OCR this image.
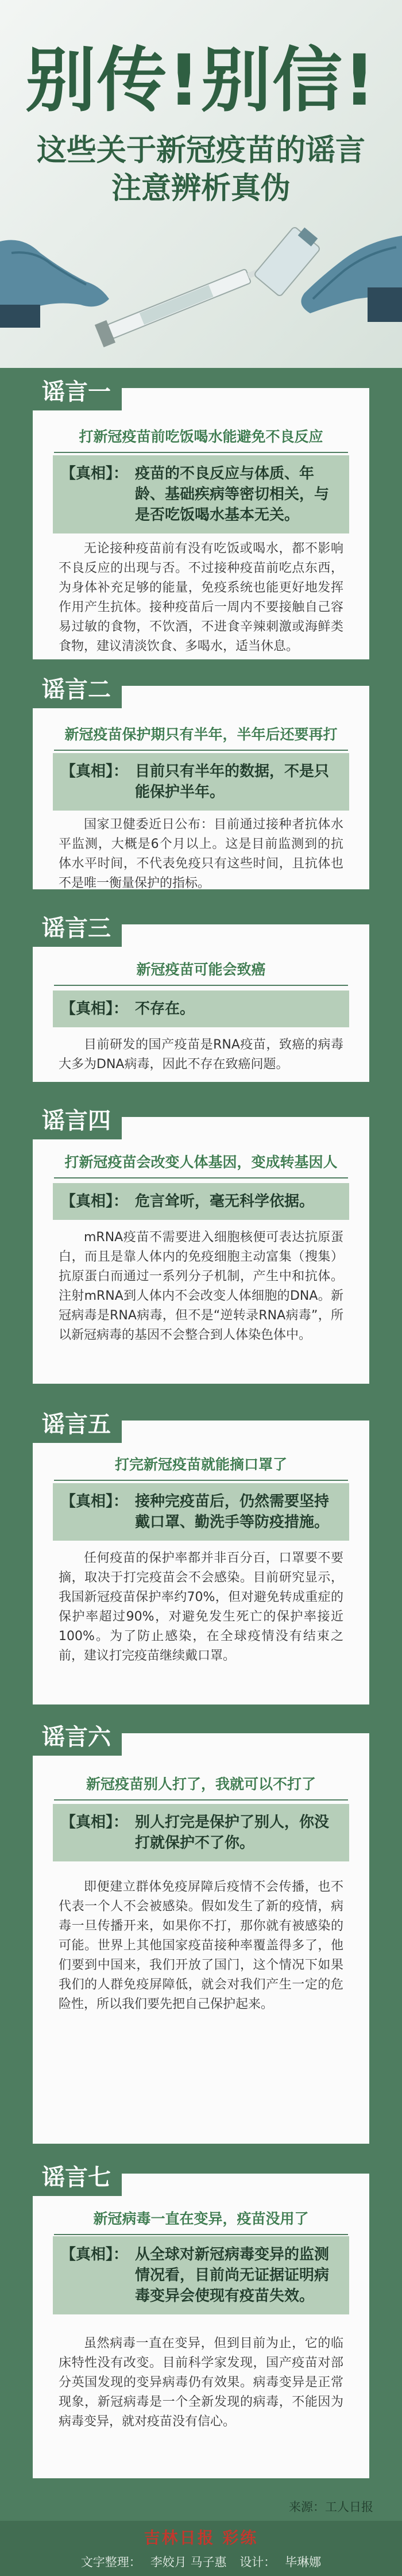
别传!别信!
这些关于新冠疫苗的谣言
注意辨析真伪
谣言一
打新冠疫苗前吃饭喝水能避免不良反应
【真相】： 疫苗的不良反应与体质、年龄、基础疾病等密切相关，与是否吃饭喝水基本无关。

无论接种疫苗前有没有吃饭或喝水，都不影响不良反应的出现与否。不过接种疫苗前吃点东西，为身体补充足够的能量，免疫系统也能更好地发挥作用产生抗体。接种疫苗后一周内不要接触自己容易过敏的食物，不饮酒，不进食辛辣刺激或海鲜类食物，建议清淡饮食、多喝水，适当休息。

谣言二
新冠疫苗保护期只有半年，半年后还要再打
【真相】： 目前只有半年的数据，不是只能保护半年。

国家卫健委近日公布：目前通过接种者抗体水平监测，大概是6个月以上。这是目前监测到的抗体水平时间，不代表免疫只有这些时间，且抗体也不是唯一衡量保护的指标。

谣言三
新冠疫苗可能会致癌
【真相】： 不存在。

目前研发的国产疫苗是RNA疫苗，致癌的病毒大多为DNA病毒，因此不存在致癌问题。

谣言四
打新冠疫苗会改变人体基因，变成转基因人
【真相】： 危言耸听，毫无科学依据。

mRNA疫苗不需要进入细胞核便可表达抗原蛋白，而且是靠人体内的免疫细胞主动富集（搜集）抗原蛋白而通过一系列分子机制，产生中和抗体。注射mRNA到人体内不会改变人体细胞的DNA。新冠病毒是RNA病毒，但不是“逆转录RNA病毒”，所以新冠病毒的基因不会整合到人体染色体中。

谣言五
打完新冠疫苗就能摘口罩了
【真相】： 接种完疫苗后，仍然需要坚持戴口罩、勤洗手等防疫措施。

任何疫苗的保护率都并非百分百，口罩要不要摘，取决于打完疫苗会不会感染。目前研究显示，我国新冠疫苗保护率约70%，但对避免转成重症的保护率超过90%，对避免发生死亡的保护率接近100%。为了防止感染，在全球疫情没有结束之前，建议打完疫苗继续戴口罩。

谣言六
新冠疫苗别人打了，我就可以不打了
【真相】： 别人打完是保护了别人，你没打就保护不了你。

即便建立群体免疫屏障后疫情不会传播，也不代表一个人不会被感染。假如发生了新的疫情，病毒一旦传播开来，如果你不打，那你就有被感染的可能。世界上其他国家疫苗接种率覆盖得多了，他们要到中国来，我们开放了国门，这个情况下如果我们的人群免疫屏障低，就会对我们产生一定的危险性，所以我们要先把自己保护起来。

谣言七
新冠病毒一直在变异，疫苗没用了
【真相】： 从全球对新冠病毒变异的监测情况看，目前尚无证据证明病毒变异会使现有疫苗失效。

虽然病毒一直在变异，但到目前为止，它的临床特性没有改变。目前科学家发现，国产疫苗对部分英国发现的变异病毒仍有效果。病毒变异是正常现象，新冠病毒是一个全新发现的病毒，不能因为病毒变异，就对疫苗没有信心。

来源：工人日报
吉林日报 彩练
文字整理： 李姣月 马子惠 设计： 毕琳娜
